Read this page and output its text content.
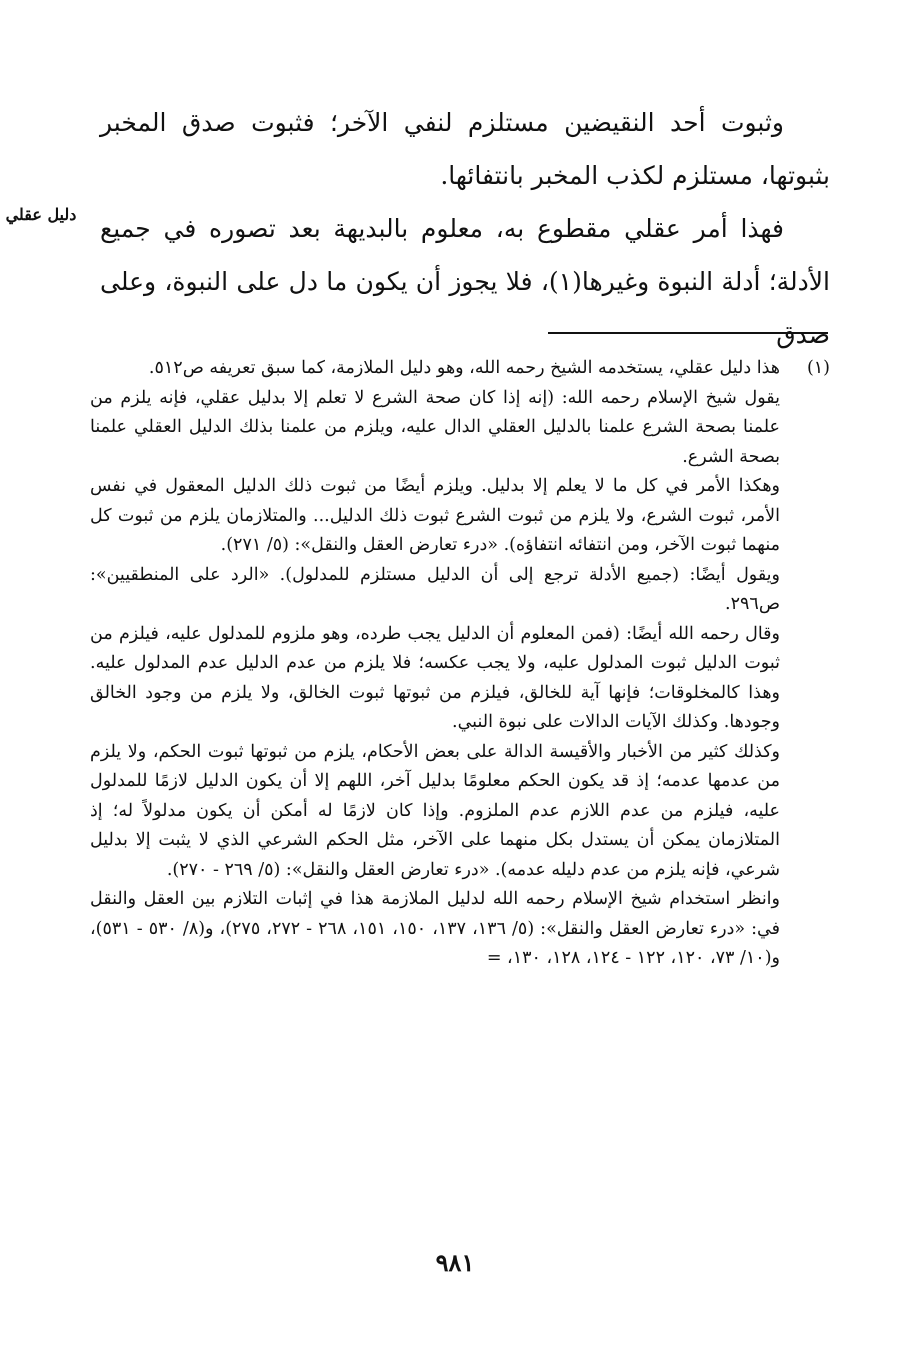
وثبوت أحد النقيضين مستلزم لنفي الآخر؛ فثبوت صدق المخبر بثبوتها، مستلزم لكذب المخبر بانتفائها.

فهذا أمر عقلي مقطوع به، معلوم بالبديهة بعد تصوره في جميع الأدلة؛ أدلة النبوة وغيرها(١)، فلا يجوز أن يكون ما دل على النبوة، وعلى صدق

دليل عقلي
(١)

هذا دليل عقلي، يستخدمه الشيخ رحمه الله، وهو دليل الملازمة، كما سبق تعريفه ص٥١٢.

يقول شيخ الإسلام رحمه الله: (إنه إذا كان صحة الشرع لا تعلم إلا بدليل عقلي، فإنه يلزم من علمنا بصحة الشرع علمنا بالدليل العقلي الدال عليه، ويلزم من علمنا بذلك الدليل العقلي علمنا بصحة الشرع.

وهكذا الأمر في كل ما لا يعلم إلا بدليل. ويلزم أيضًا من ثبوت ذلك الدليل المعقول في نفس الأمر، ثبوت الشرع، ولا يلزم من ثبوت الشرع ثبوت ذلك الدليل... والمتلازمان يلزم من ثبوت كل منهما ثبوت الآخر، ومن انتفائه انتفاؤه). «درء تعارض العقل والنقل»: (٥/ ٢٧١).

ويقول أيضًا: (جميع الأدلة ترجع إلى أن الدليل مستلزم للمدلول). «الرد على المنطقيين»: ص٢٩٦.

وقال رحمه الله أيضًا: (فمن المعلوم أن الدليل يجب طرده، وهو ملزوم للمدلول عليه، فيلزم من ثبوت الدليل ثبوت المدلول عليه، ولا يجب عكسه؛ فلا يلزم من عدم الدليل عدم المدلول عليه. وهذا كالمخلوقات؛ فإنها آية للخالق، فيلزم من ثبوتها ثبوت الخالق، ولا يلزم من وجود الخالق وجودها. وكذلك الآيات الدالات على نبوة النبي.

وكذلك كثير من الأخبار والأقيسة الدالة على بعض الأحكام، يلزم من ثبوتها ثبوت الحكم، ولا يلزم من عدمها عدمه؛ إذ قد يكون الحكم معلومًا بدليل آخر، اللهم إلا أن يكون الدليل لازمًا للمدلول عليه، فيلزم من عدم اللازم عدم الملزوم. وإذا كان لازمًا له أمكن أن يكون مدلولاً له؛ إذ المتلازمان يمكن أن يستدل بكل منهما على الآخر، مثل الحكم الشرعي الذي لا يثبت إلا بدليل شرعي، فإنه يلزم من عدم دليله عدمه). «درء تعارض العقل والنقل»: (٥/ ٢٦٩ - ٢٧٠).

وانظر استخدام شيخ الإسلام رحمه الله لدليل الملازمة هذا في إثبات التلازم بين العقل والنقل في: «درء تعارض العقل والنقل»: (٥/ ١٣٦، ١٣٧، ١٥٠، ١٥١، ٢٦٨ - ٢٧٢، ٢٧٥)، و(٨/ ٥٣٠ - ٥٣١)، و(١٠/ ٧٣، ١٢٠، ١٢٢ - ١٢٤، ١٢٨، ١٣٠، =

٩٨١
